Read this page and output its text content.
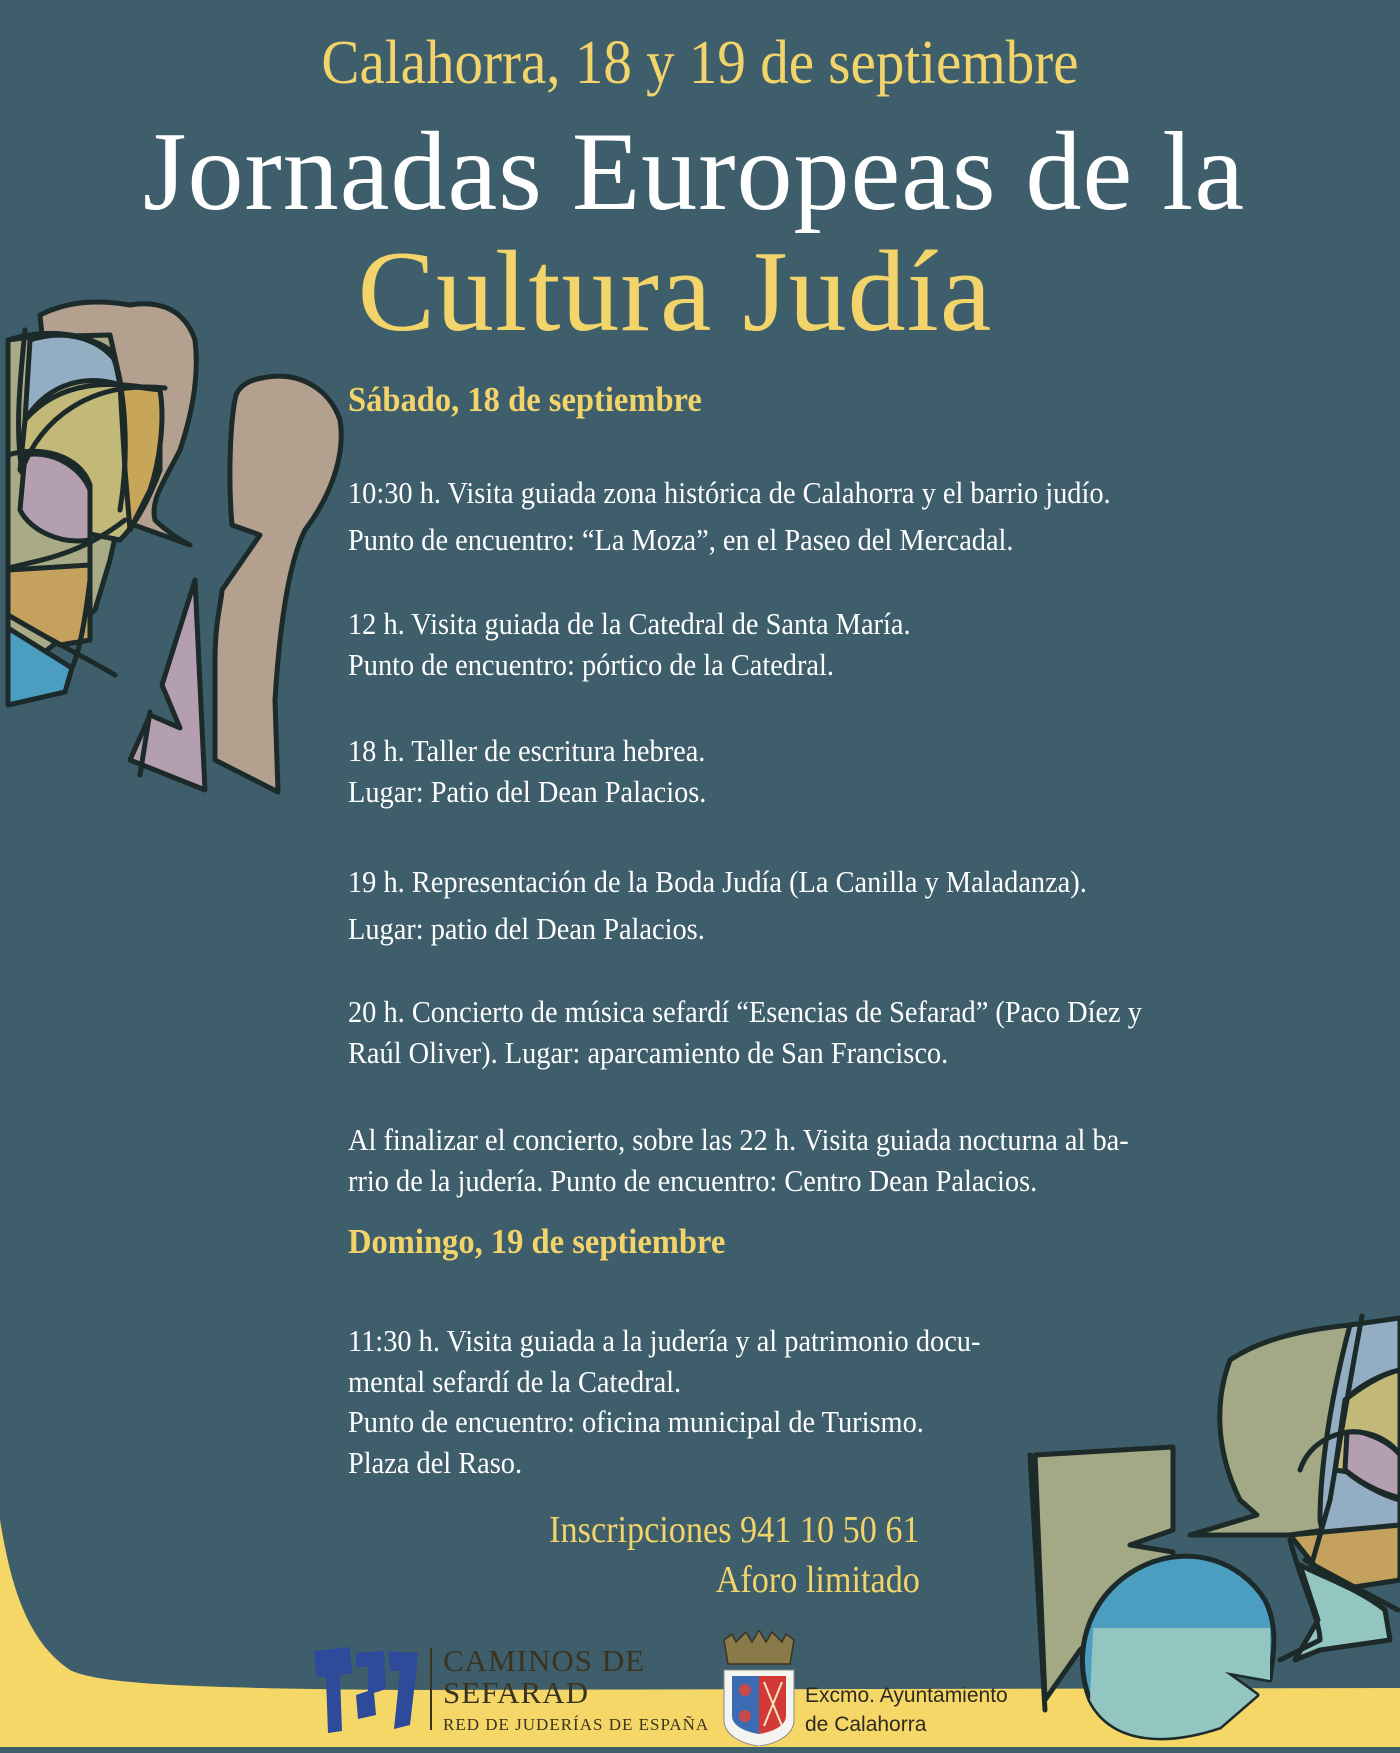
Calahorra, 18 y 19 de septiembre
Jornadas Europeas de la
Cultura Judía
Sábado, 18 de septiembre
10:30 h. Visita guiada zona histórica de Calahorra y el barrio judío.
Punto de encuentro: “La Moza”, en el Paseo del Mercadal.
12 h. Visita guiada de la Catedral de Santa María.
Punto de encuentro: pórtico de la Catedral.
18 h. Taller de escritura hebrea.
Lugar: Patio del Dean Palacios.
19 h. Representación de la Boda Judía (La Canilla y Maladanza).
Lugar: patio del Dean Palacios.
20 h. Concierto de música sefardí “Esencias de Sefarad” (Paco Díez y
Raúl Oliver). Lugar: aparcamiento de San Francisco.
Al finalizar el concierto, sobre las 22 h. Visita guiada nocturna al ba-
rrio de la judería. Punto de encuentro: Centro Dean Palacios.
Domingo, 19 de septiembre
11:30 h. Visita guiada a la judería y al patrimonio docu-
mental sefardí de la Catedral.
Punto de encuentro: oficina municipal de Turismo.
Plaza del Raso.
Inscripciones 941 10 50 61
Aforo limitado
CAMINOS DE
SEFARAD
RED DE JUDERÍAS DE ESPAÑA
Excmo. Ayuntamiento
de Calahorra
